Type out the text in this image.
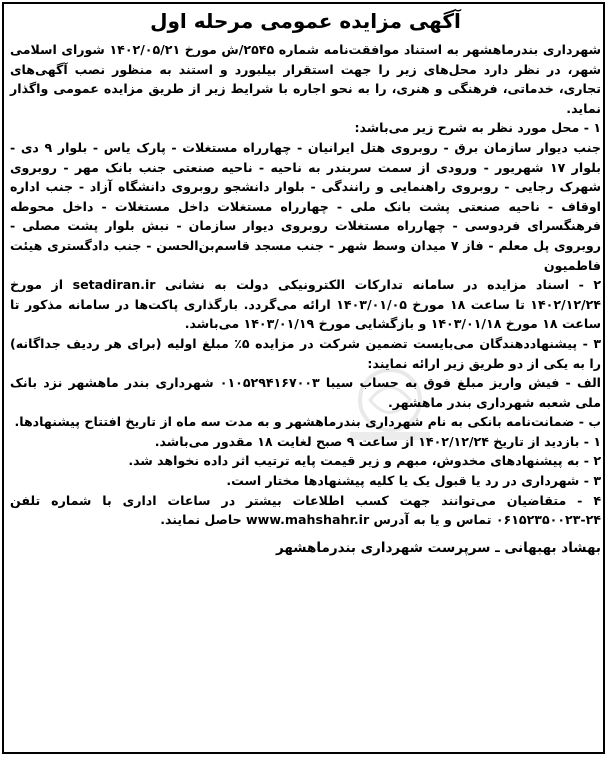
آگهی مزایده عمومی مرحله اول

شهرداری بندرماهشهر به استناد موافقت‌نامه شماره ۲۵۴۵/ش مورخ ۱۴۰۲/۰۵/۲۱ شورای اسلامی شهر، در نظر دارد محل‌های زیر را جهت استقرار بیلبورد و استند به منظور نصب آگهی‌های تجاری، خدماتی، فرهنگی و هنری، را به نحو اجاره با شرایط زیر از طریق مزایده عمومی واگذار نماید.

۱ - محل مورد نظر به شرح زیر می‌باشد:

جنب دیوار سازمان برق - روبروی هتل ایرانیان - چهارراه مستغلات - پارک یاس - بلوار ۹ دی - بلوار ۱۷ شهریور - ورودی از سمت سربندر به ناحیه - ناحیه صنعتی جنب بانک مهر - روبروی شهرک رجایی - روبروی راهنمایی و رانندگی - بلوار دانشجو روبروی دانشگاه آزاد - جنب اداره اوقاف - ناحیه صنعتی پشت بانک ملی - چهارراه مستغلات داخل مستغلات - داخل محوطه فرهنگسرای فردوسی - چهارراه مستغلات روبروی دیوار سازمان - نبش بلوار پشت مصلی - روبروی پل معلم - فاز ۷ میدان وسط شهر - جنب مسجد قاسم‌بن‌الحسن - جنب دادگستری هیئت فاطمیون

۲ - اسناد مزایده در سامانه تدارکات الکترونیکی دولت به نشانی setadiran.ir از مورخ ۱۴۰۲/۱۲/۲۴ تا ساعت ۱۸ مورخ ۱۴۰۳/۰۱/۰۵ ارائه می‌گردد. بارگذاری پاکت‌ها در سامانه مذکور تا ساعت ۱۸ مورخ ۱۴۰۳/۰۱/۱۸ و بازگشایی مورخ ۱۴۰۳/۰۱/۱۹ می‌باشد.

۳ - پیشنهاددهندگان می‌بایست تضمین شرکت در مزایده ۵٪ مبلغ اولیه (برای هر ردیف جداگانه) را به یکی از دو طریق زیر ارائه نمایند:

الف - فیش واریز مبلغ فوق به حساب سیبا ۰۱۰۵۲۹۴۱۶۷۰۰۳ شهرداری بندر ماهشهر نزد بانک ملی شعبه شهرداری بندر ماهشهر.

ب - ضمانت‌نامه بانکی به نام شهرداری بندرماهشهر و به مدت سه ماه از تاریخ افتتاح پیشنهادها.

۱ - بازدید از تاریخ ۱۴۰۲/۱۲/۲۴ از ساعت ۹ صبح لغایت ۱۸ مقدور می‌باشد.

۲ - به پیشنهادهای مخدوش، مبهم و زیر قیمت پایه ترتیب اثر داده نخواهد شد.

۳ - شهرداری در رد یا قبول یک یا کلیه پیشنهادها مختار است.

۴ - متقاضیان می‌توانند جهت کسب اطلاعات بیشتر در ساعات اداری با شماره تلفن ۲۴-۰۶۱۵۲۳۵۰۰۲۳ تماس و یا به آدرس www.mahshahr.ir حاصل نمایند.

بهشاد بهبهانی ـ سرپرست شهرداری بندرماهشهر
